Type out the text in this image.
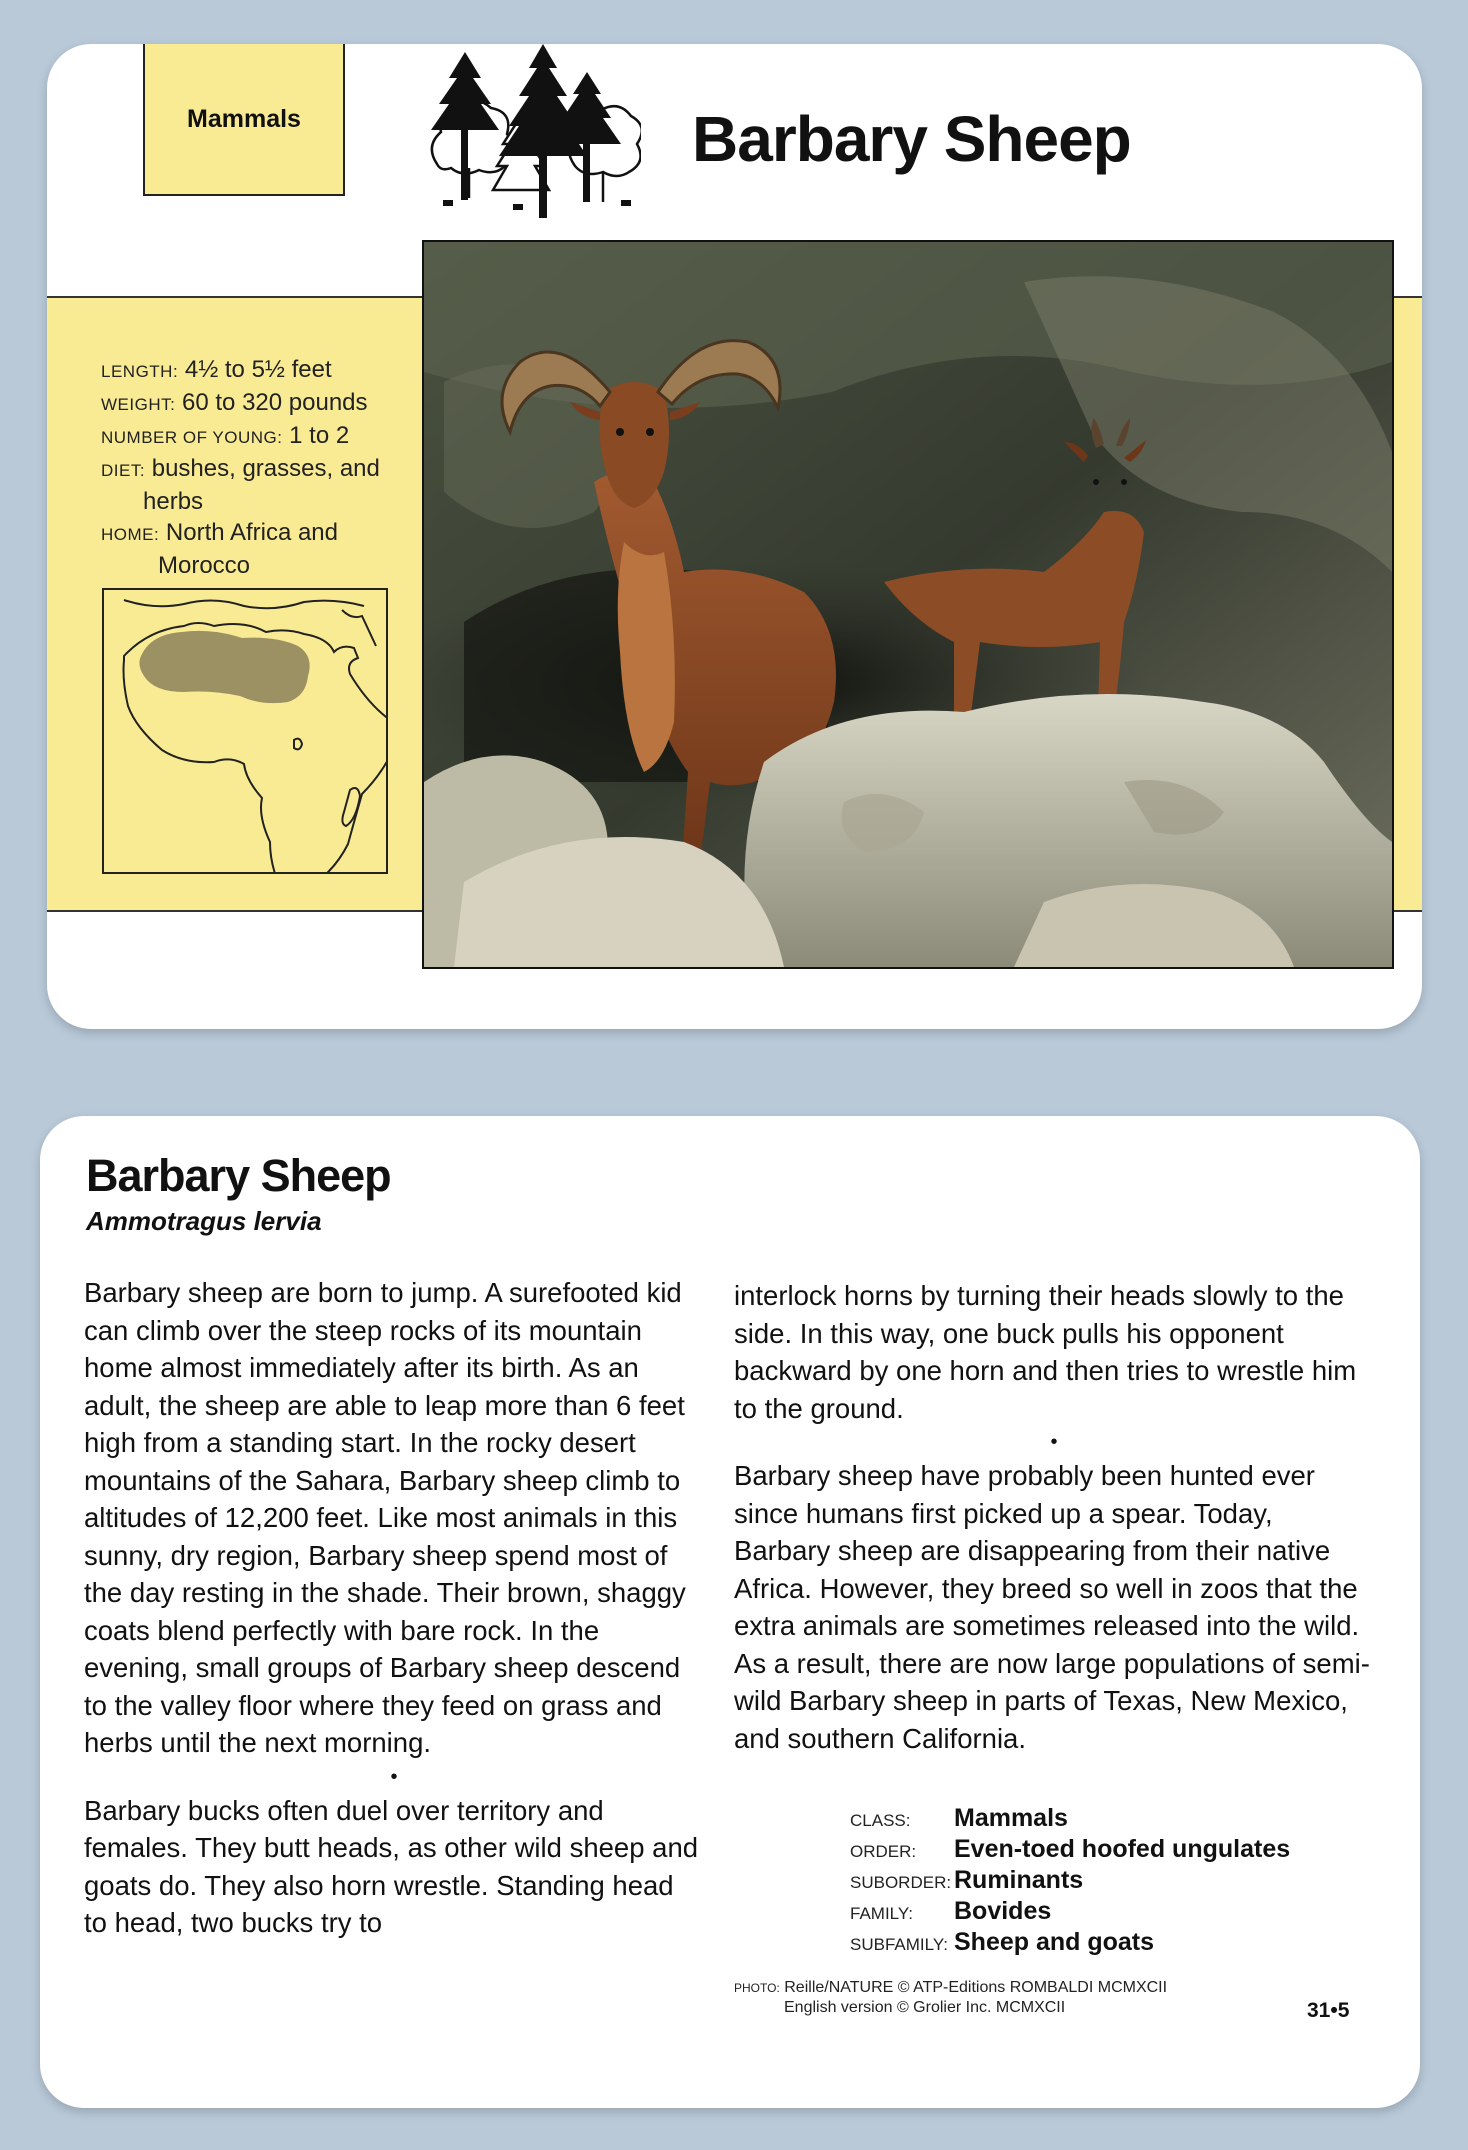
Mammals	Barbary Sheep
LENGTH: 4½ to 5½ feet
WEIGHT: 60 to 320 pounds
NUMBER OF YOUNG: 1 to 2
DIET: bushes, grasses, and
herbs
HOME: North Africa and
Morocco
Barbary Sheep
Ammotragus lervia

Barbary sheep are born to jump. A surefooted kid can climb over the steep rocks of its mountain home almost immediately after its birth. As an adult, the sheep are able to leap more than 6 feet high from a standing start. In the rocky desert mountains of the Sahara, Barbary sheep climb to altitudes of 12,200 feet. Like most animals in this sunny, dry region, Barbary sheep spend most of the day resting in the shade. Their brown, shaggy coats blend perfectly with bare rock. In the evening, small groups of Barbary sheep descend to the valley floor where they feed on grass and herbs until the next morning.

•

Barbary bucks often duel over territory and females. They butt heads, as other wild sheep and goats do. They also horn wrestle. Standing head to head, two bucks try to

interlock horns by turning their heads slowly to the side. In this way, one buck pulls his opponent backward by one horn and then tries to wrestle him to the ground.

•

Barbary sheep have probably been hunted ever since humans first picked up a spear. Today, Barbary sheep are disappearing from their native Africa. However, they breed so well in zoos that the extra animals are sometimes released into the wild. As a result, there are now large populations of semi-wild Barbary sheep in parts of Texas, New Mexico, and southern California.

CLASS:	Mammals
ORDER:	Even-toed hoofed ungulates
SUBORDER: Ruminants
FAMILY:	Bovides
SUBFAMILY: Sheep and goats
PHOTO: Reille/NATURE © ATP-Editions ROMBALDI MCMXCII
English version © Grolier Inc. MCMXCII	31•5
